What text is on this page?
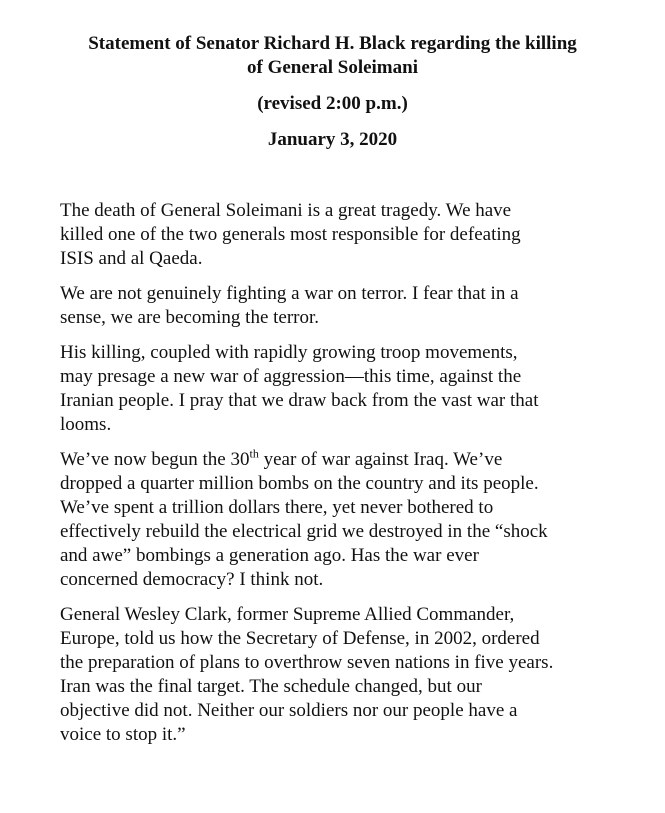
Statement of Senator Richard H. Black regarding the killing
of General Soleimani
(revised 2:00 p.m.)
January 3, 2020

The death of General Soleimani is a great tragedy. We have
killed one of the two generals most responsible for defeating
ISIS and al Qaeda.

We are not genuinely fighting a war on terror. I fear that in a
sense, we are becoming the terror.

His killing, coupled with rapidly growing troop movements,
may presage a new war of aggression—this time, against the
Iranian people. I pray that we draw back from the vast war that
looms.

We’ve now begun the 30th year of war against Iraq. We’ve
dropped a quarter million bombs on the country and its people.
We’ve spent a trillion dollars there, yet never bothered to
effectively rebuild the electrical grid we destroyed in the “shock
and awe” bombings a generation ago. Has the war ever
concerned democracy? I think not.

General Wesley Clark, former Supreme Allied Commander,
Europe, told us how the Secretary of Defense, in 2002, ordered
the preparation of plans to overthrow seven nations in five years.
Iran was the final target. The schedule changed, but our
objective did not. Neither our soldiers nor our people have a
voice to stop it.”
